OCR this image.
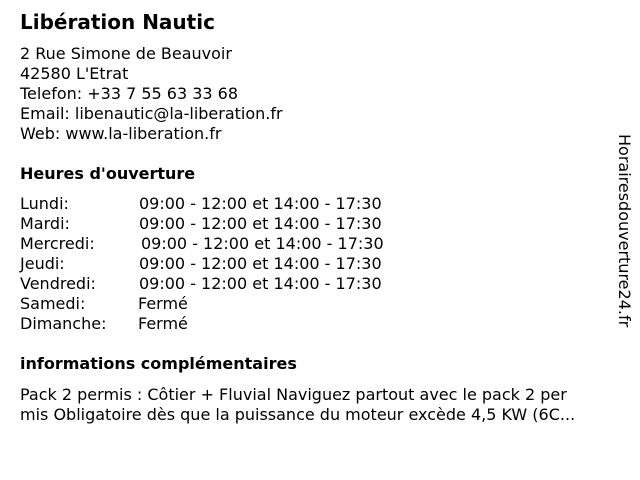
Libération Nautic
2 Rue Simone de Beauvoir
42580 L'Etrat
Telefon: +33 7 55 63 33 68
Email: libenautic@la-liberation.fr
Web: www.la-liberation.fr
Heures d'ouverture
Lundi:	09:00 - 12:00 et 14:00 - 17:30
Mardi:	09:00 - 12:00 et 14:00 - 17:30
Mercredi:	09:00 - 12:00 et 14:00 - 17:30
Jeudi:	09:00 - 12:00 et 14:00 - 17:30
Vendredi:	09:00 - 12:00 et 14:00 - 17:30
Samedi:	Fermé
Dimanche: Fermé
informations complémentaires
Pack 2 permis : Côtier + Fluvial Naviguez partout avec le pack 2 per
mis Obligatoire dès que la puissance du moteur excède 4,5 KW (6C...
Horairesdouverture24.fr
